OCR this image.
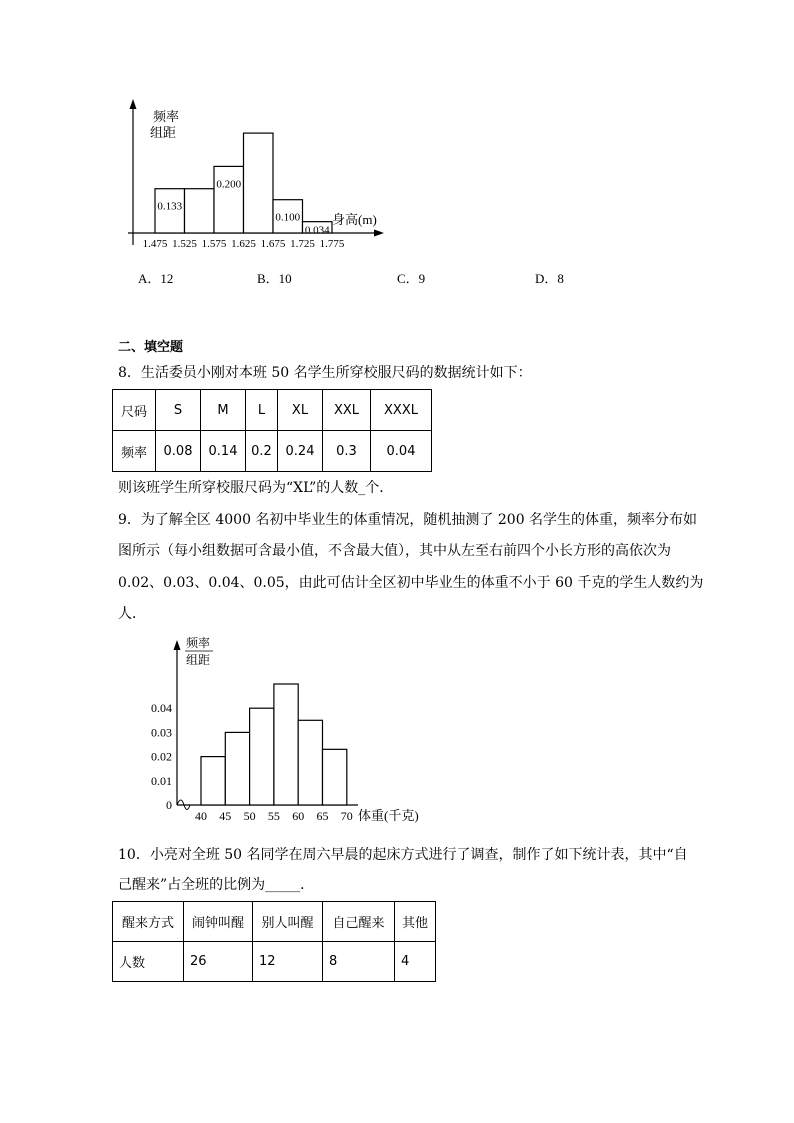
频率
组距
0.133
0.200
0.100
0.034
1.475 1.525 1.575 1.625 1.675 1.725 1.775
身高(m)
A．12	B．10	C．9	D．8
二、填空题
8．生活委员小刚对本班 50 名学生所穿校服尺码的数据统计如下：
尺码	S	M	L	XL	XXL	XXXL
频率	0.08	0.14	0.2	0.24	0.3	0.04
则该班学生所穿校服尺码为“XL”的人数_个．
9．为了解全区 4000 名初中毕业生的体重情况，随机抽测了 200 名学生的体重，频率分布如
图所示（每小组数据可含最小值，不含最大值），其中从左至右前四个小长方形的高依次为
0.02、0.03、0.04、0.05，由此可估计全区初中毕业生的体重不小于 60 千克的学生人数约为
人．
频率
组距
0
0.01
0.02
0.03
0.04
40 45 50 55 60 65 70 体重(千克)
10．小亮对全班 50 名同学在周六早晨的起床方式进行了调查，制作了如下统计表，其中“自
己醒来”占全班的比例为_____．
醒来方式	闹钟叫醒	别人叫醒	自己醒来	其他
人数	26	12	8	4
